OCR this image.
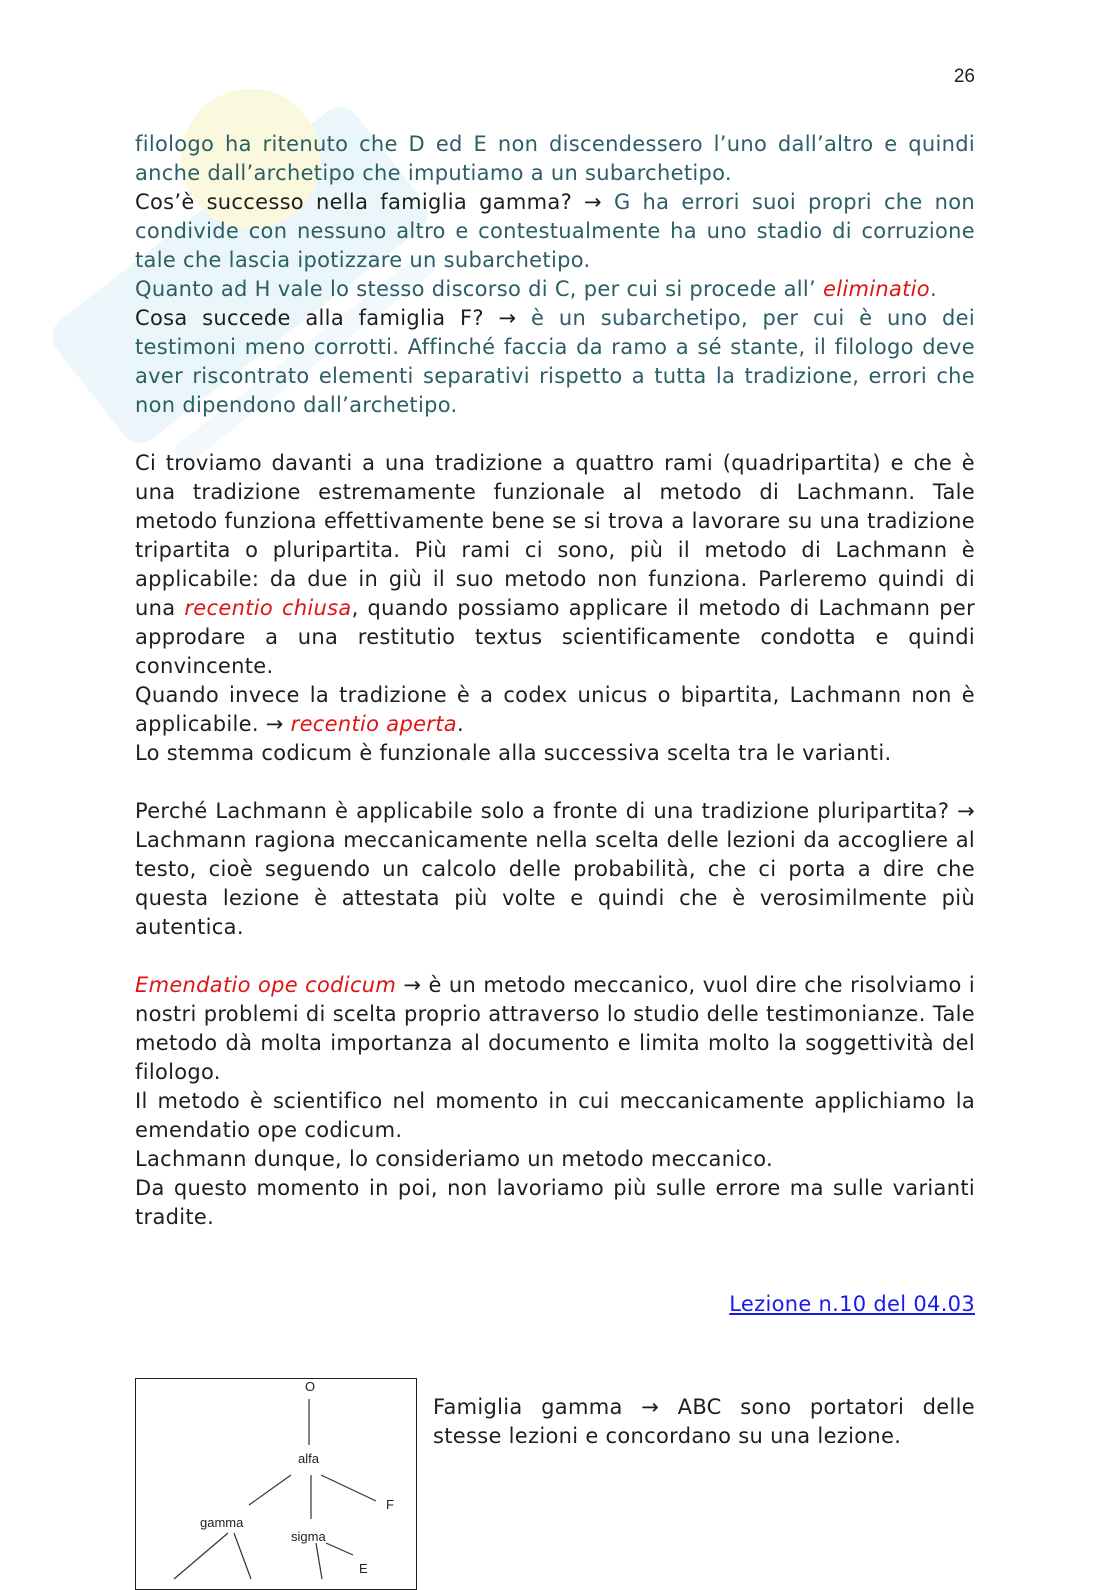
26

filologo ha ritenuto che D ed E non discendessero l’uno dall’altro e quindi anche dall’archetipo che imputiamo a un subarchetipo.

Cos’è successo nella famiglia gamma? → G ha errori suoi propri che non condivide con nessuno altro e contestualmente ha uno stadio di corruzione tale che lascia ipotizzare un subarchetipo.

Quanto ad H vale lo stesso discorso di C, per cui si procede all’ eliminatio.

Cosa succede alla famiglia F? → è un subarchetipo, per cui è uno dei testimoni meno corrotti. Affinché faccia da ramo a sé stante, il filologo deve aver riscontrato elementi separativi rispetto a tutta la tradizione, errori che non dipendono dall’archetipo.

Ci troviamo davanti a una tradizione a quattro rami (quadripartita) e che è una tradizione estremamente funzionale al metodo di Lachmann. Tale metodo funziona effettivamente bene se si trova a lavorare su una tradizione tripartita o pluripartita. Più rami ci sono, più il metodo di Lachmann è applicabile: da due in giù il suo metodo non funziona. Parleremo quindi di una recentio chiusa, quando possiamo applicare il metodo di Lachmann per approdare a una restitutio textus scientificamente condotta e quindi convincente.

Quando invece la tradizione è a codex unicus o bipartita, Lachmann non è applicabile. → recentio aperta.

Lo stemma codicum è funzionale alla successiva scelta tra le varianti.

Perché Lachmann è applicabile solo a fronte di una tradizione pluripartita? → Lachmann ragiona meccanicamente nella scelta delle lezioni da accogliere al testo, cioè seguendo un calcolo delle probabilità, che ci porta a dire che questa lezione è attestata più volte e quindi che è verosimilmente più autentica.

Emendatio ope codicum → è un metodo meccanico, vuol dire che risolviamo i nostri problemi di scelta proprio attraverso lo studio delle testimonianze. Tale metodo dà molta importanza al documento e limita molto la soggettività del filologo.

Il metodo è scientifico nel momento in cui meccanicamente applichiamo la emendatio ope codicum.

Lachmann dunque, lo consideriamo un metodo meccanico.

Da questo momento in poi, non lavoriamo più sulle errore ma sulle varianti tradite.

Lezione n.10 del 04.03
O
alfa
F
gamma
sigma
E

Famiglia gamma → ABC sono portatori delle stesse lezioni e concordano su una lezione.
